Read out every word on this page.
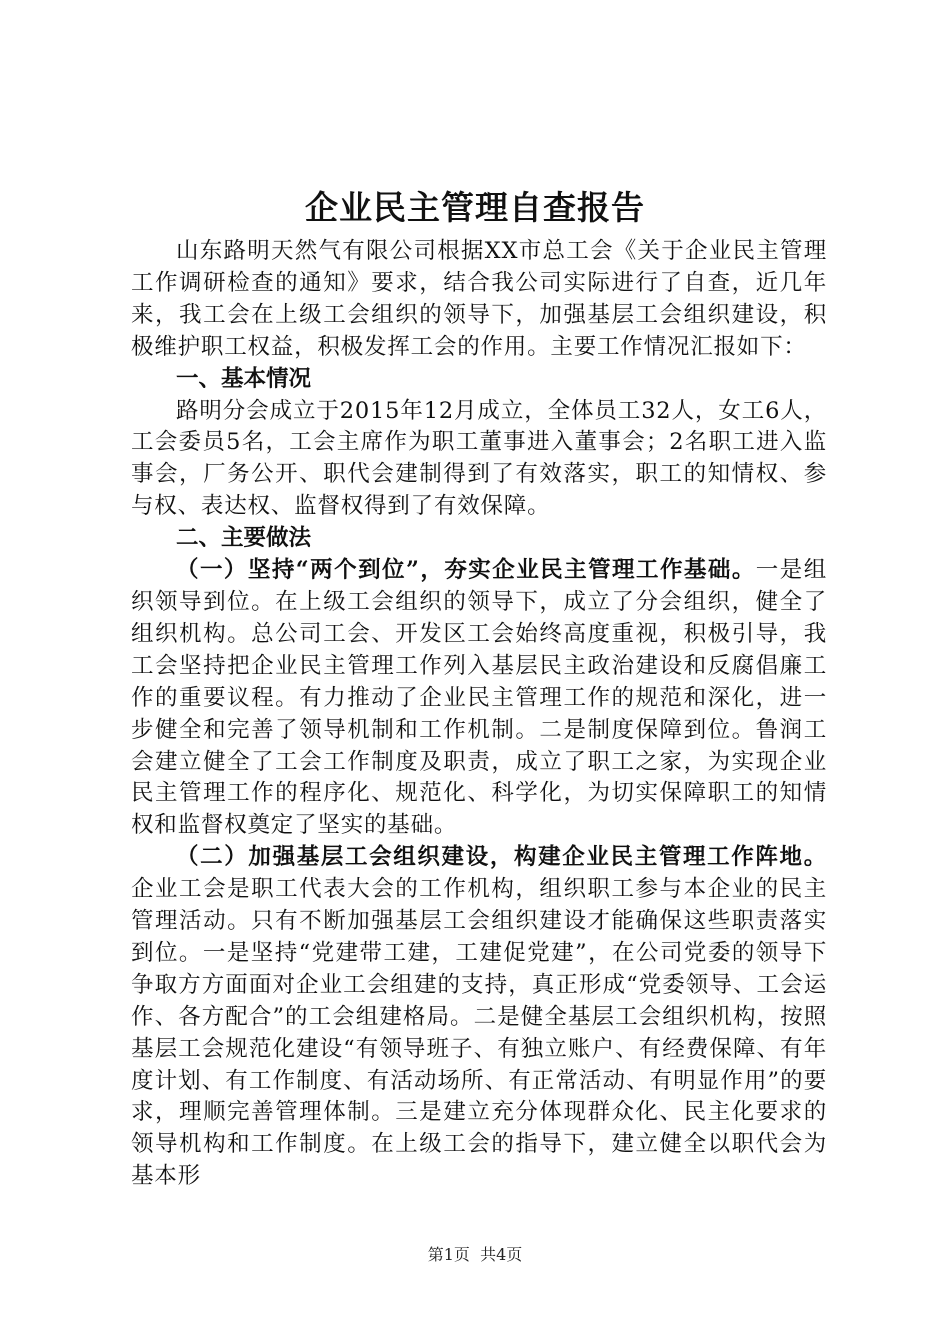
企业民主管理自查报告

山东路明天然气有限公司根据XX市总工会《关于企业民主管理工作调研检查的通知》要求，结合我公司实际进行了自查，近几年来，我工会在上级工会组织的领导下，加强基层工会组织建设，积极维护职工权益，积极发挥工会的作用。主要工作情况汇报如下：

一、基本情况

路明分会成立于2015年12月成立，全体员工32人，女工6人，工会委员5名，工会主席作为职工董事进入董事会；2名职工进入监事会，厂务公开、职代会建制得到了有效落实，职工的知情权、参与权、表达权、监督权得到了有效保障。

二、主要做法

（一）坚持“两个到位”，夯实企业民主管理工作基础。一是组织领导到位。在上级工会组织的领导下，成立了分会组织，健全了组织机构。总公司工会、开发区工会始终高度重视，积极引导，我工会坚持把企业民主管理工作列入基层民主政治建设和反腐倡廉工作的重要议程。有力推动了企业民主管理工作的规范和深化，进一步健全和完善了领导机制和工作机制。二是制度保障到位。鲁润工会建立健全了工会工作制度及职责，成立了职工之家，为实现企业民主管理工作的程序化、规范化、科学化，为切实保障职工的知情权和监督权奠定了坚实的基础。

（二）加强基层工会组织建设，构建企业民主管理工作阵地。企业工会是职工代表大会的工作机构，组织职工参与本企业的民主管理活动。只有不断加强基层工会组织建设才能确保这些职责落实到位。一是坚持“党建带工建，工建促党建”，在公司党委的领导下争取方方面面对企业工会组建的支持，真正形成“党委领导、工会运作、各方配合”的工会组建格局。二是健全基层工会组织机构，按照基层工会规范化建设“有领导班子、有独立账户、有经费保障、有年度计划、有工作制度、有活动场所、有正常活动、有明显作用”的要求，理顺完善管理体制。三是建立充分体现群众化、民主化要求的领导机构和工作制度。在上级工会的指导下，建立健全以职代会为基本形

第1页 共4页
